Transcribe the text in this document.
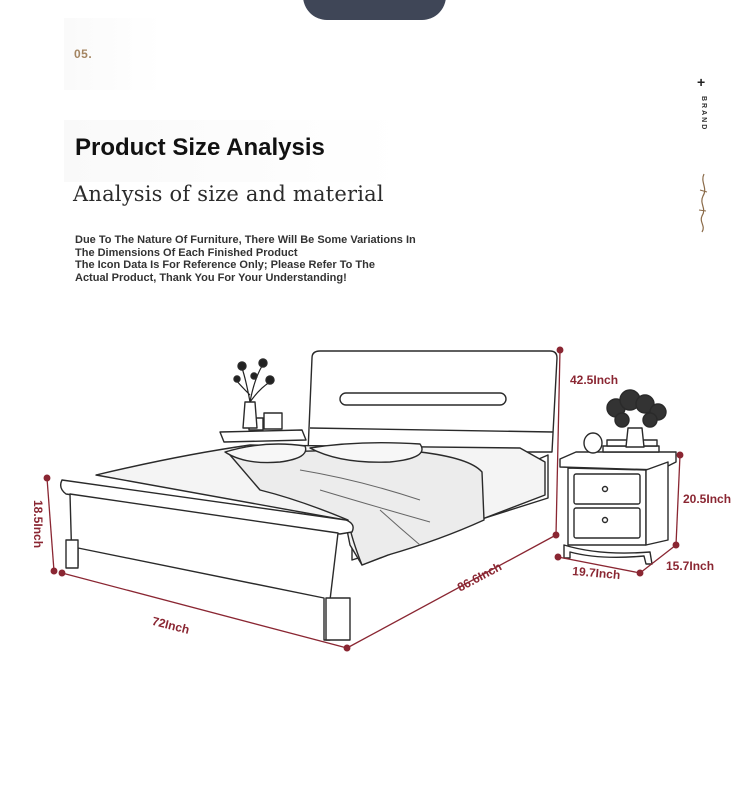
05.
Product Size Analysis
Analysis of size and material
Due To The Nature Of Furniture, There Will Be Some Variations In
The Dimensions Of Each Finished Product
The Icon Data Is For Reference Only; Please Refer To The
Actual Product, Thank You For Your Understanding!
+
BRAND
42.5Inch
86.6Inch
72Inch
18.5Inch
20.5Inch
19.7Inch	15.7Inch
